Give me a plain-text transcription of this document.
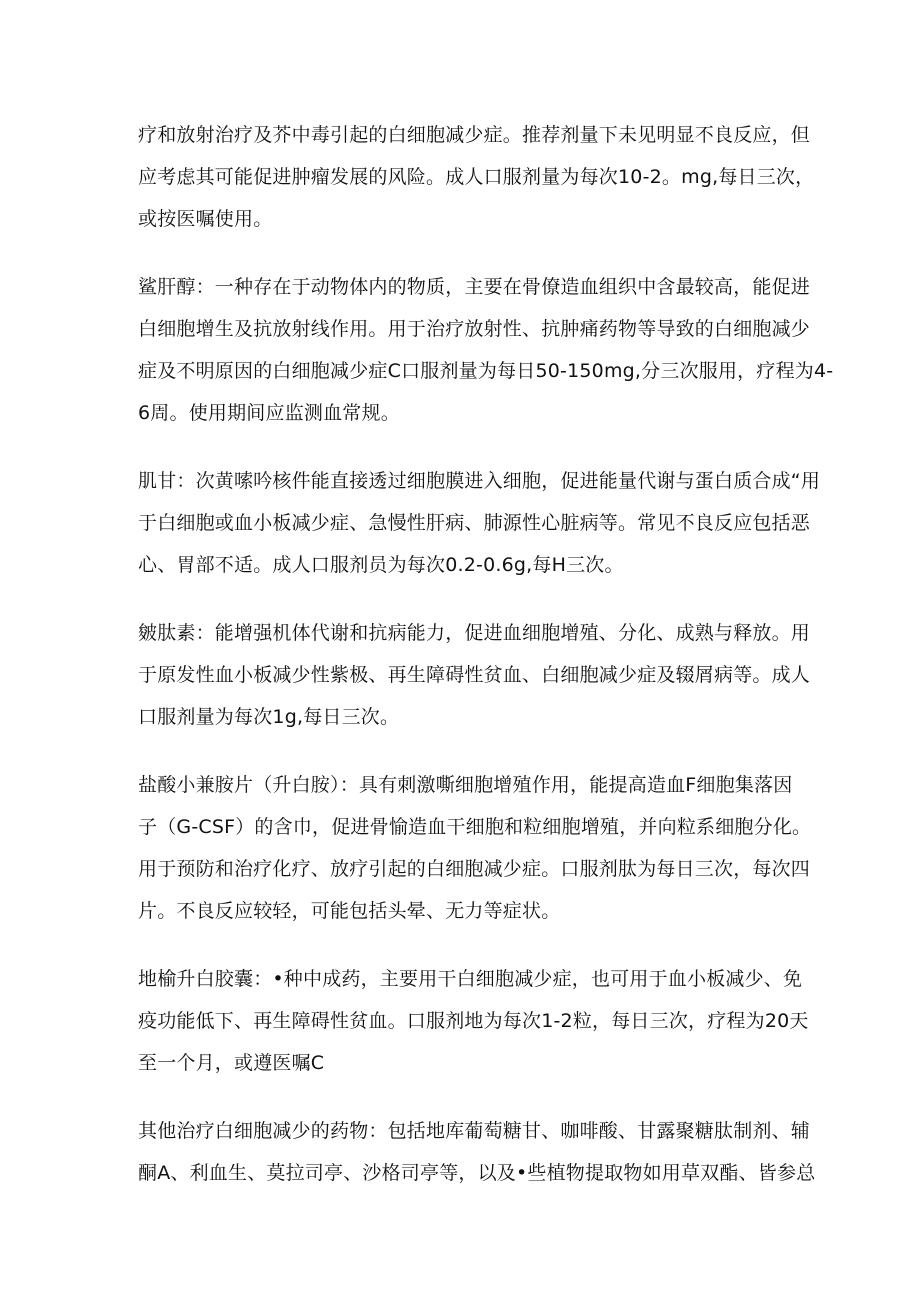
疗和放射治疗及芥中毒引起的白细胞减少症。推荐剂量下未见明显不良反应，但
应考虑其可能促进肿瘤发展的风险。成人口服剂量为每次10-2。mg,每日三次，
或按医嘱使用。
鲨肝醇：一种存在于动物体内的物质，主要在骨僚造血组织中含最较高，能促进
白细胞增生及抗放射线作用。用于治疗放射性、抗肿痛药物等导致的白细胞减少
症及不明原因的白细胞减少症C口服剂量为每日50-150mg,分三次服用，疗程为4-
6周。使用期间应监测血常规。
肌甘：次黄嗦吟核件能直接透过细胞膜进入细胞，促进能量代谢与蛋白质合成“用
于白细胞或血小板减少症、急慢性肝病、肺源性心脏病等。常见不良反应包括恶
心、胃部不适。成人口服剂员为每次0.2-0.6g,每H三次。
皴肽素：能增强机体代谢和抗病能力，促进血细胞增殖、分化、成熟与释放。用
于原发性血小板减少性紫极、再生障碍性贫血、白细胞减少症及辍屑病等。成人
口服剂量为每次1g,每日三次。
盐酸小兼胺片（升白胺）：具有刺激嘶细胞增殖作用，能提高造血F细胞集落因
子（G-CSF）的含巾，促进骨愉造血干细胞和粒细胞增殖，并向粒系细胞分化。
用于预防和治疗化疗、放疗引起的白细胞减少症。口服剂肽为每日三次，每次四
片。不良反应较轻，可能包括头晕、无力等症状。
地榆升白胶囊：•种中成药，主要用干白细胞减少症，也可用于血小板减少、免
疫功能低下、再生障碍性贫血。口服剂地为每次1-2粒，每日三次，疗程为20天
至一个月，或遵医嘱C
其他治疗白细胞减少的药物：包括地库葡萄糖甘、咖啡酸、甘露聚糖肽制剂、辅
酮A、利血生、莫拉司亭、沙格司亭等，以及•些植物提取物如用草双酯、皆参总
